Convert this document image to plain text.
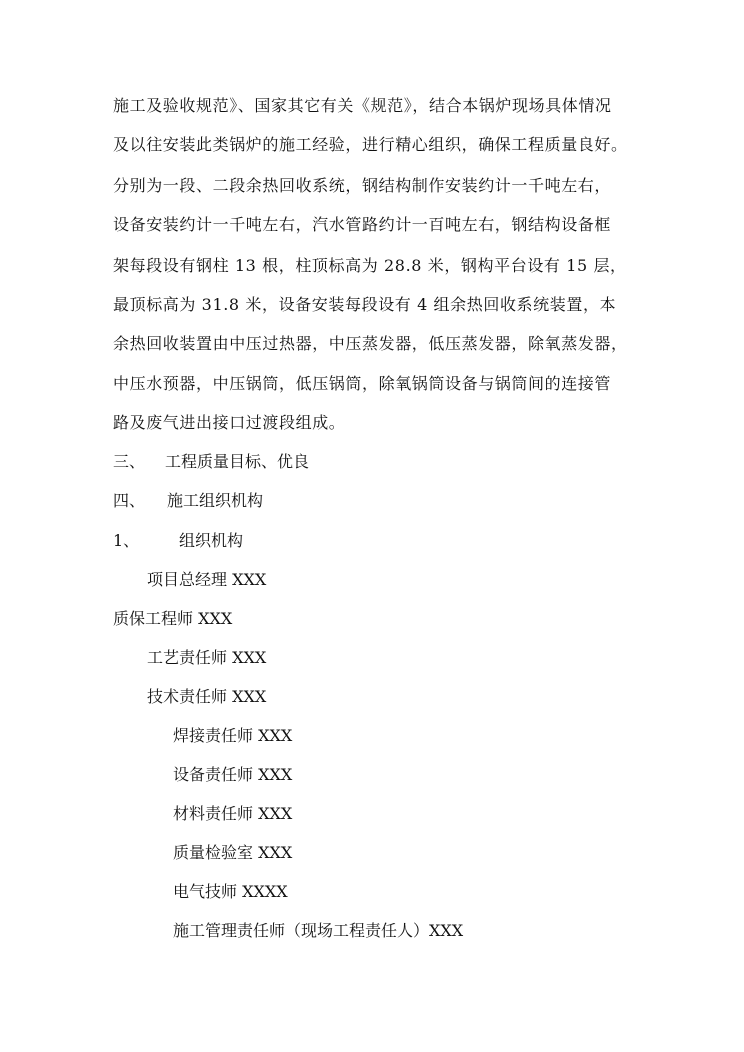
施工及验收规范》、国家其它有关《规范》，结合本锅炉现场具体情况
及以往安装此类锅炉的施工经验，进行精心组织，确保工程质量良好。
分别为一段、二段余热回收系统，钢结构制作安装约计一千吨左右，
设备安装约计一千吨左右，汽水管路约计一百吨左右，钢结构设备框
架每段设有钢柱 13 根，柱顶标高为 28.8 米，钢构平台设有 15 层，
最顶标高为 31.8 米，设备安装每段设有 4 组余热回收系统装置，本
余热回收装置由中压过热器，中压蒸发器，低压蒸发器，除氧蒸发器，
中压水预器，中压锅筒，低压锅筒，除氧锅筒设备与锅筒间的连接管
路及废气进出接口过渡段组成。
三、 工程质量目标、优良
四、 施工组织机构
1、 组织机构
项目总经理 XXX
质保工程师 XXX
工艺责任师 XXX
技术责任师 XXX
焊接责任师 XXX
设备责任师 XXX
材料责任师 XXX
质量检验室 XXX
电气技师 XXXX
施工管理责任师（现场工程责任人）XXX
